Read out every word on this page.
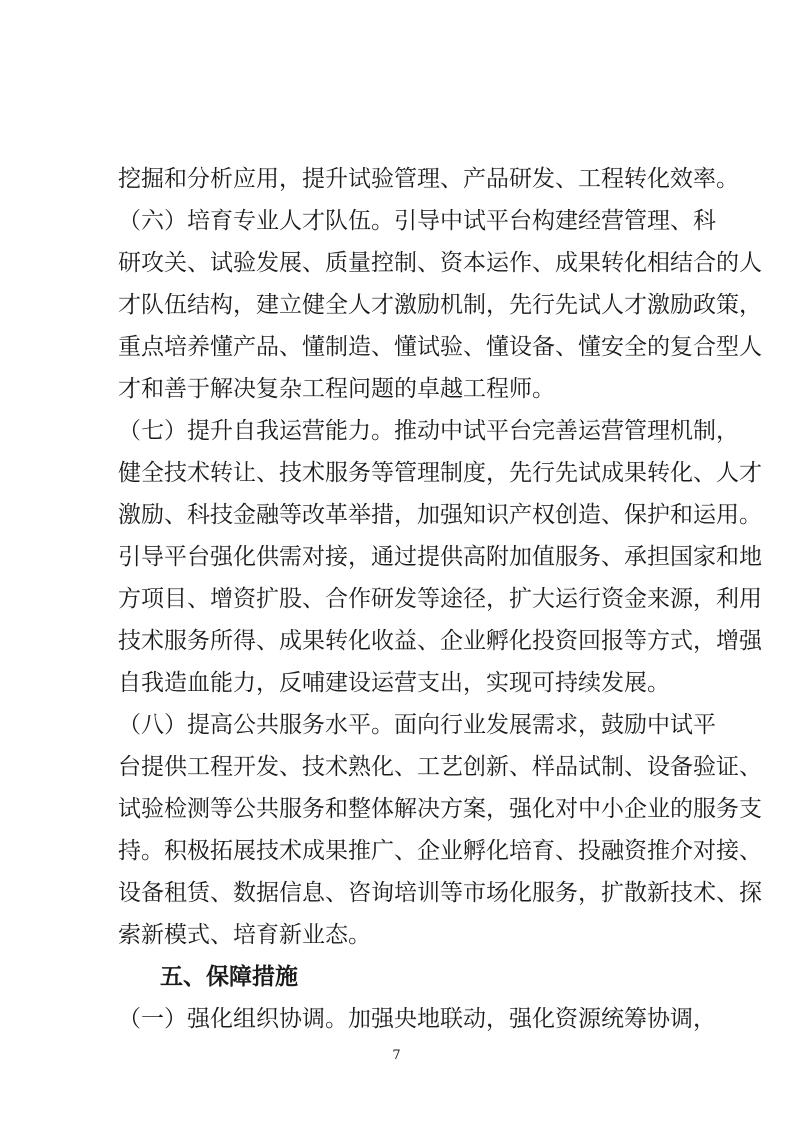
挖掘和分析应用，提升试验管理、产品研发、工程转化效率。
（六）培育专业人才队伍。引导中试平台构建经营管理、科
研攻关、试验发展、质量控制、资本运作、成果转化相结合的人
才队伍结构，建立健全人才激励机制，先行先试人才激励政策，
重点培养懂产品、懂制造、懂试验、懂设备、懂安全的复合型人
才和善于解决复杂工程问题的卓越工程师。
（七）提升自我运营能力。推动中试平台完善运营管理机制，
健全技术转让、技术服务等管理制度，先行先试成果转化、人才
激励、科技金融等改革举措，加强知识产权创造、保护和运用。
引导平台强化供需对接，通过提供高附加值服务、承担国家和地
方项目、增资扩股、合作研发等途径，扩大运行资金来源，利用
技术服务所得、成果转化收益、企业孵化投资回报等方式，增强
自我造血能力，反哺建设运营支出，实现可持续发展。
（八）提高公共服务水平。面向行业发展需求，鼓励中试平
台提供工程开发、技术熟化、工艺创新、样品试制、设备验证、
试验检测等公共服务和整体解决方案，强化对中小企业的服务支
持。积极拓展技术成果推广、企业孵化培育、投融资推介对接、
设备租赁、数据信息、咨询培训等市场化服务，扩散新技术、探
索新模式、培育新业态。
五、保障措施
（一）强化组织协调。加强央地联动，强化资源统筹协调，
7
